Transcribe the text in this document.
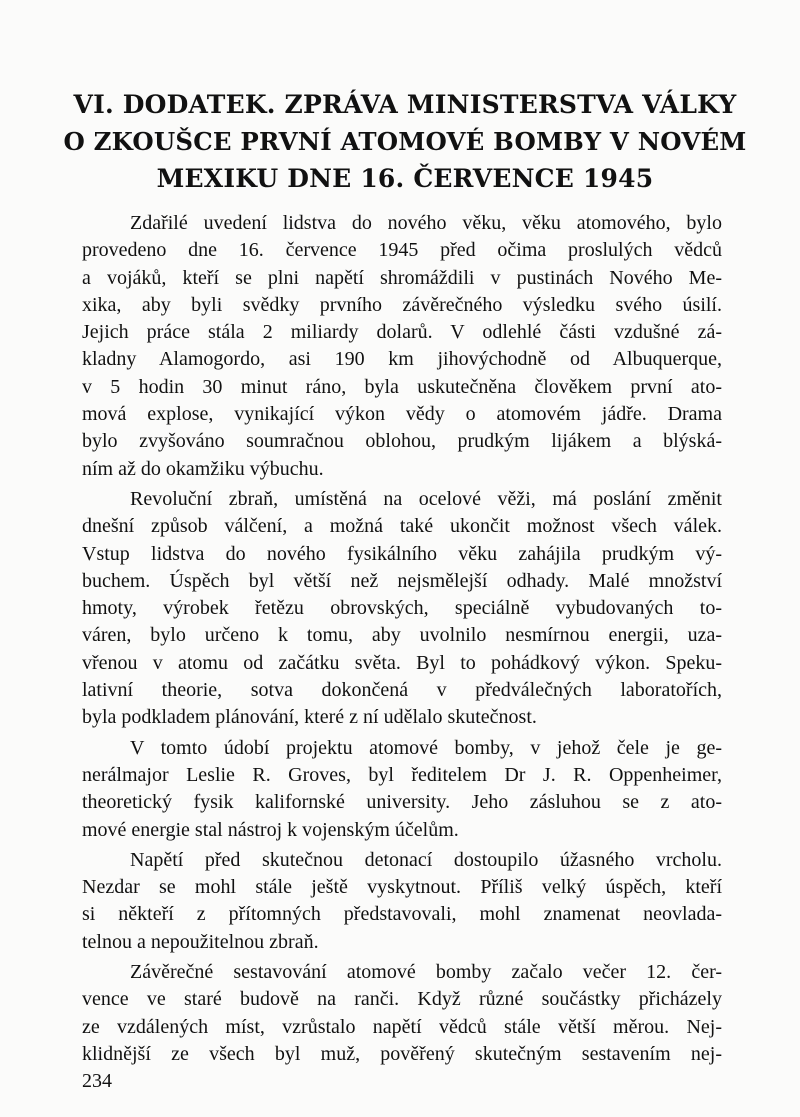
VI. DODATEK. ZPRÁVA MINISTERSTVA VÁLKY
O ZKOUŠCE PRVNÍ ATOMOVÉ BOMBY V NOVÉM
MEXIKU DNE 16. ČERVENCE 1945

Zdařilé uvedení lidstva do nového věku, věku atomového, bylo
provedeno dne 16. července 1945 před očima proslulých vědců
a vojáků, kteří se plni napětí shromáždili v pustinách Nového Me-
xika, aby byli svědky prvního závěrečného výsledku svého úsilí.
Jejich práce stála 2 miliardy dolarů. V odlehlé části vzdušné zá-
kladny Alamogordo, asi 190 km jihovýchodně od Albuquerque,
v 5 hodin 30 minut ráno, byla uskutečněna člověkem první ato-
mová explose, vynikající výkon vědy o atomovém jádře. Drama
bylo zvyšováno soumračnou oblohou, prudkým lijákem a blýská-
ním až do okamžiku výbuchu.

Revoluční zbraň, umístěná na ocelové věži, má poslání změnit
dnešní způsob válčení, a možná také ukončit možnost všech válek.
Vstup lidstva do nového fysikálního věku zahájila prudkým vý-
buchem. Úspěch byl větší než nejsmělejší odhady. Malé množství
hmoty, výrobek řetězu obrovských, speciálně vybudovaných to-
váren, bylo určeno k tomu, aby uvolnilo nesmírnou energii, uza-
vřenou v atomu od začátku světa. Byl to pohádkový výkon. Speku-
lativní theorie, sotva dokončená v předválečných laboratořích,
byla podkladem plánování, které z ní udělalo skutečnost.

V tomto údobí projektu atomové bomby, v jehož čele je ge-
nerálmajor Leslie R. Groves, byl ředitelem Dr J. R. Oppenheimer,
theoretický fysik kalifornské university. Jeho zásluhou se z ato-
mové energie stal nástroj k vojenským účelům.

Napětí před skutečnou detonací dostoupilo úžasného vrcholu.
Nezdar se mohl stále ještě vyskytnout. Příliš velký úspěch, kteří
si někteří z přítomných představovali, mohl znamenat neovlada-
telnou a nepoužitelnou zbraň.

Závěrečné sestavování atomové bomby začalo večer 12. čer-
vence ve staré budově na ranči. Když různé součástky přicházely
ze vzdálených míst, vzrůstalo napětí vědců stále větší měrou. Nej-
klidnější ze všech byl muž, pověřený skutečným sestavením nej-

234
